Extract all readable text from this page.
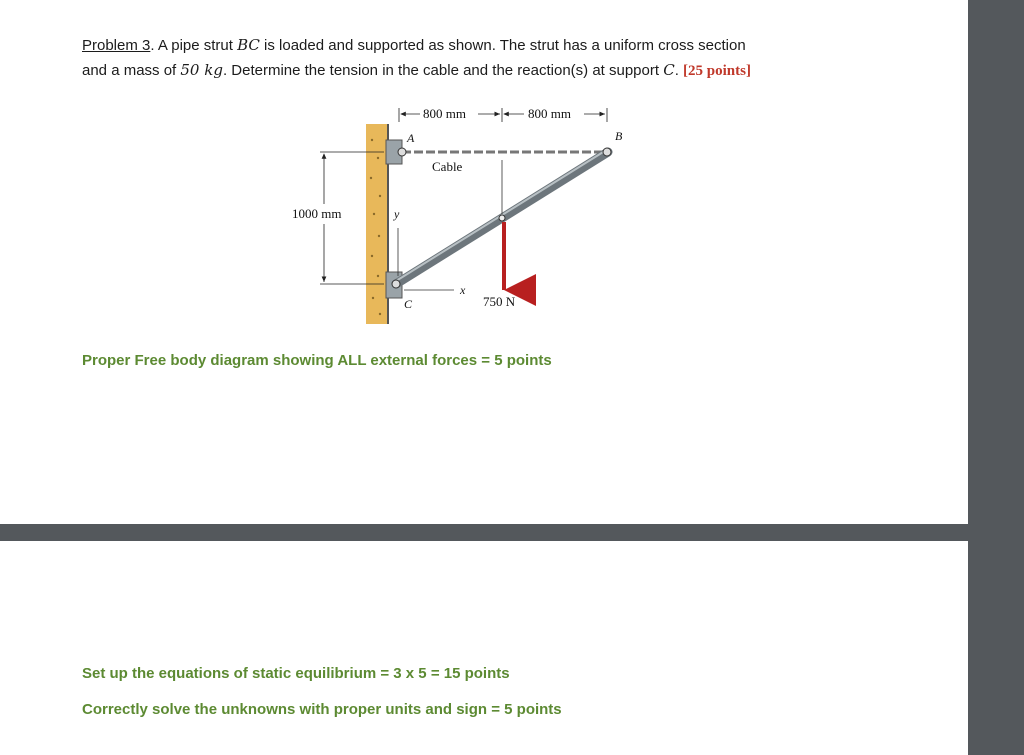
Problem 3. A pipe strut BC is loaded and supported as shown. The strut has a uniform cross section
and a mass of 50 kg. Determine the tension in the cable and the reaction(s) at support C. [25 points]
800 mm	800 mm
1000 mm	y
x
A	B
C
Cable
750 N
Proper Free body diagram showing ALL external forces = 5 points
Set up the equations of static equilibrium = 3 x 5 = 15 points
Correctly solve the unknowns with proper units and sign = 5 points
